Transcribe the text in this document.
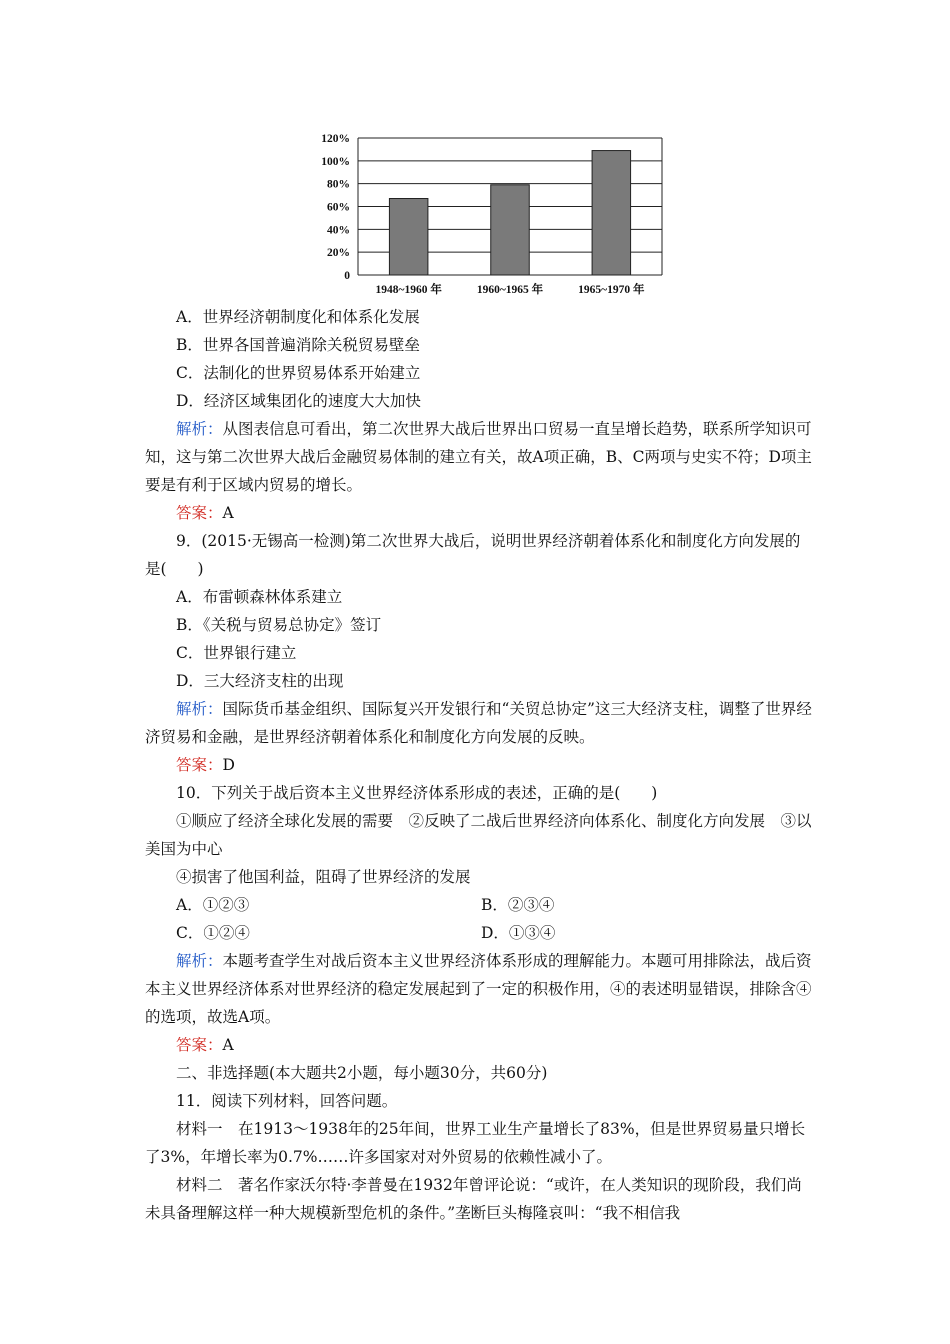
0
20%
40%
60%
80%
100%
120%
1948~1960 年	1960~1965 年	1965~1970 年

A．世界经济朝制度化和体系化发展

B．世界各国普遍消除关税贸易壁垒

C．法制化的世界贸易体系开始建立

D．经济区域集团化的速度大大加快

解析：从图表信息可看出，第二次世界大战后世界出口贸易一直呈增长趋势，联系所学知识可知，这与第二次世界大战后金融贸易体制的建立有关，故A项正确，B、C两项与史实不符；D项主要是有利于区域内贸易的增长。

答案：A

9．(2015·无锡高一检测)第二次世界大战后，说明世界经济朝着体系化和制度化方向发展的是(　　)

A．布雷顿森林体系建立

B．《关税与贸易总协定》签订

C．世界银行建立

D．三大经济支柱的出现

解析：国际货币基金组织、国际复兴开发银行和“关贸总协定”这三大经济支柱，调整了世界经济贸易和金融，是世界经济朝着体系化和制度化方向发展的反映。

答案：D

10．下列关于战后资本主义世界经济体系形成的表述，正确的是(　　)

①顺应了经济全球化发展的需要　②反映了二战后世界经济向体系化、制度化方向发展　③以美国为中心

④损害了他国利益，阻碍了世界经济的发展

A．①②③	B．②③④
C．①②④	D．①③④

解析：本题考查学生对战后资本主义世界经济体系形成的理解能力。本题可用排除法，战后资本主义世界经济体系对世界经济的稳定发展起到了一定的积极作用，④的表述明显错误，排除含④的选项，故选A项。

答案：A

二、非选择题(本大题共2小题，每小题30分，共60分)

11．阅读下列材料，回答问题。

材料一　在1913～1938年的25年间，世界工业生产量增长了83%，但是世界贸易量只增长了3%，年增长率为0.7%……许多国家对对外贸易的依赖性减小了。

材料二　著名作家沃尔特·李普曼在1932年曾评论说：“或许，在人类知识的现阶段，我们尚未具备理解这样一种大规模新型危机的条件。”垄断巨头梅隆哀叫：“我不相信我
